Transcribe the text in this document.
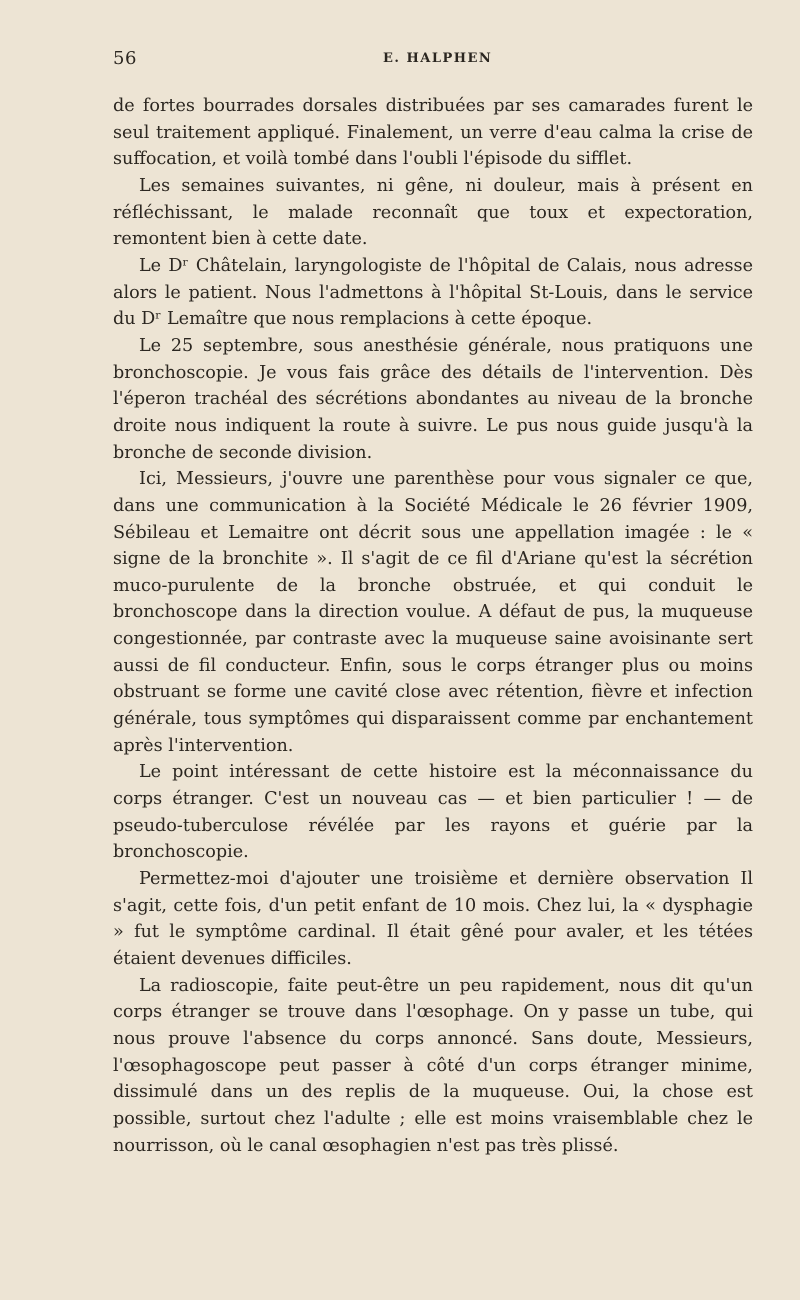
56	E. HALPHEN

de fortes bourrades dorsales distribuées par ses camarades furent le seul traitement appliqué. Finalement, un verre d'eau calma la crise de suffocation, et voilà tombé dans l'oubli l'épisode du sifflet.

Les semaines suivantes, ni gêne, ni douleur, mais à présent en réfléchissant, le malade reconnaît que toux et expectoration, remontent bien à cette date.

Le Dʳ Châtelain, laryngologiste de l'hôpital de Calais, nous adresse alors le patient. Nous l'admettons à l'hôpital St-Louis, dans le service du Dʳ Lemaître que nous remplacions à cette époque.

Le 25 septembre, sous anesthésie générale, nous pratiquons une bronchoscopie. Je vous fais grâce des détails de l'intervention. Dès l'éperon trachéal des sécrétions abondantes au niveau de la bronche droite nous indiquent la route à suivre. Le pus nous guide jusqu'à la bronche de seconde division.

Ici, Messieurs, j'ouvre une parenthèse pour vous signaler ce que, dans une communication à la Société Médicale le 26 février 1909, Sébileau et Lemaitre ont décrit sous une appellation imagée : le « signe de la bronchite ». Il s'agit de ce fil d'Ariane qu'est la sécrétion muco-purulente de la bronche obstruée, et qui conduit le bronchoscope dans la direction voulue. A défaut de pus, la muqueuse congestionnée, par contraste avec la muqueuse saine avoisinante sert aussi de fil conducteur. Enfin, sous le corps étranger plus ou moins obstruant se forme une cavité close avec rétention, fièvre et infection générale, tous symptômes qui disparaissent comme par enchantement après l'intervention.

Le point intéressant de cette histoire est la méconnaissance du corps étranger. C'est un nouveau cas — et bien particulier ! — de pseudo-tuberculose révélée par les rayons et guérie par la bronchoscopie.

Permettez-moi d'ajouter une troisième et dernière observation Il s'agit, cette fois, d'un petit enfant de 10 mois. Chez lui, la « dysphagie » fut le symptôme cardinal. Il était gêné pour avaler, et les tétées étaient devenues difficiles.

La radioscopie, faite peut-être un peu rapidement, nous dit qu'un corps étranger se trouve dans l'œsophage. On y passe un tube, qui nous prouve l'absence du corps annoncé. Sans doute, Messieurs, l'œsophagoscope peut passer à côté d'un corps étranger minime, dissimulé dans un des replis de la muqueuse. Oui, la chose est possible, surtout chez l'adulte ; elle est moins vraisemblable chez le nourrisson, où le canal œsophagien n'est pas très plissé.
